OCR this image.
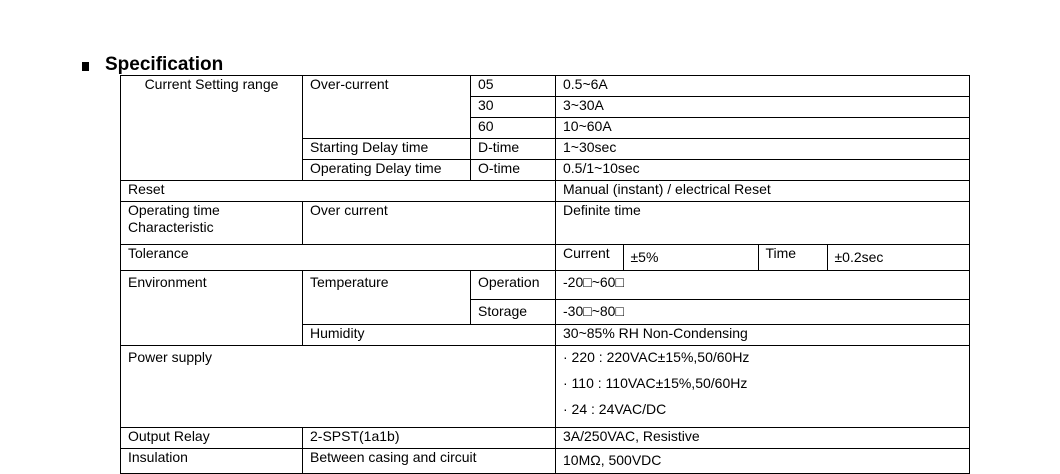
Specification
Current Setting range	Over-current	05	0.5~6A
30	3~30A
60	10~60A
Starting Delay time	D-time	1~30sec
Operating Delay time	O-time	0.5/1~10sec
Reset	Manual (instant) / electrical Reset
Operating time Characteristic	Over current	Definite time
Tolerance		Current	±5%	Time	±0.2sec

Environment	Temperature	Operation	-20□~60□
Storage	-30□~80□
Humidity	30~85% RH Non-Condensing
Power supply	· 220 : 220VAC±15%,50/60Hz
· 110 : 110VAC±15%,50/60Hz
· 24 : 24VAC/DC

Output Relay	2-SPST(1a1b)	3A/250VAC, Resistive
Insulation	Between casing and circuit	10MΩ, 500VDC
